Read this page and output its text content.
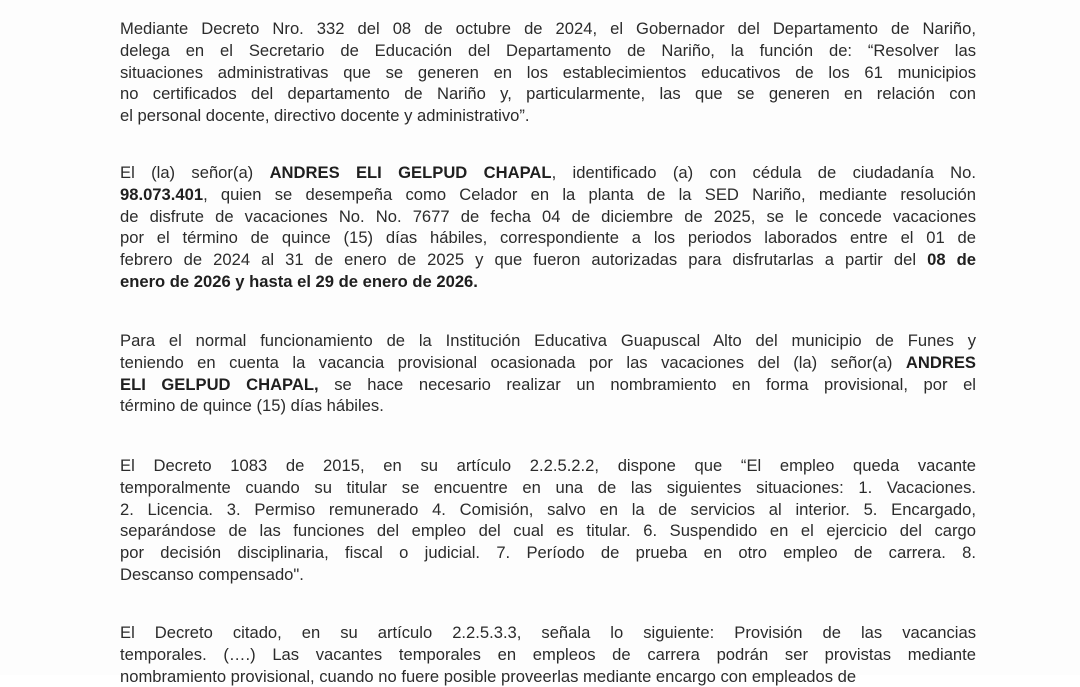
Mediante Decreto Nro. 332 del 08 de octubre de 2024, el Gobernador del Departamento de Nariño,
delega en el Secretario de Educación del Departamento de Nariño, la función de: “Resolver las
situaciones administrativas que se generen en los establecimientos educativos de los 61 municipios
no certificados del departamento de Nariño y, particularmente, las que se generen en relación con
el personal docente, directivo docente y administrativo”.

El (la) señor(a) ANDRES ELI GELPUD CHAPAL, identificado (a) con cédula de ciudadanía No.
98.073.401, quien se desempeña como Celador en la planta de la SED Nariño, mediante resolución
de disfrute de vacaciones No. No. 7677 de fecha 04 de diciembre de 2025, se le concede vacaciones
por el término de quince (15) días hábiles, correspondiente a los periodos laborados entre el 01 de
febrero de 2024 al 31 de enero de 2025 y que fueron autorizadas para disfrutarlas a partir del 08 de
enero de 2026 y hasta el 29 de enero de 2026.

Para el normal funcionamiento de la Institución Educativa Guapuscal Alto del municipio de Funes y
teniendo en cuenta la vacancia provisional ocasionada por las vacaciones del (la) señor(a) ANDRES
ELI GELPUD CHAPAL, se hace necesario realizar un nombramiento en forma provisional, por el
término de quince (15) días hábiles.

El Decreto 1083 de 2015, en su artículo 2.2.5.2.2, dispone que “El empleo queda vacante
temporalmente cuando su titular se encuentre en una de las siguientes situaciones: 1. Vacaciones.
2. Licencia. 3. Permiso remunerado 4. Comisión, salvo en la de servicios al interior. 5. Encargado,
separándose de las funciones del empleo del cual es titular. 6. Suspendido en el ejercicio del cargo
por decisión disciplinaria, fiscal o judicial. 7. Período de prueba en otro empleo de carrera. 8.
Descanso compensado".

El Decreto citado, en su artículo 2.2.5.3.3, señala lo siguiente: Provisión de las vacancias
temporales. (….) Las vacantes temporales en empleos de carrera podrán ser provistas mediante
nombramiento provisional, cuando no fuere posible proveerlas mediante encargo con empleados de
